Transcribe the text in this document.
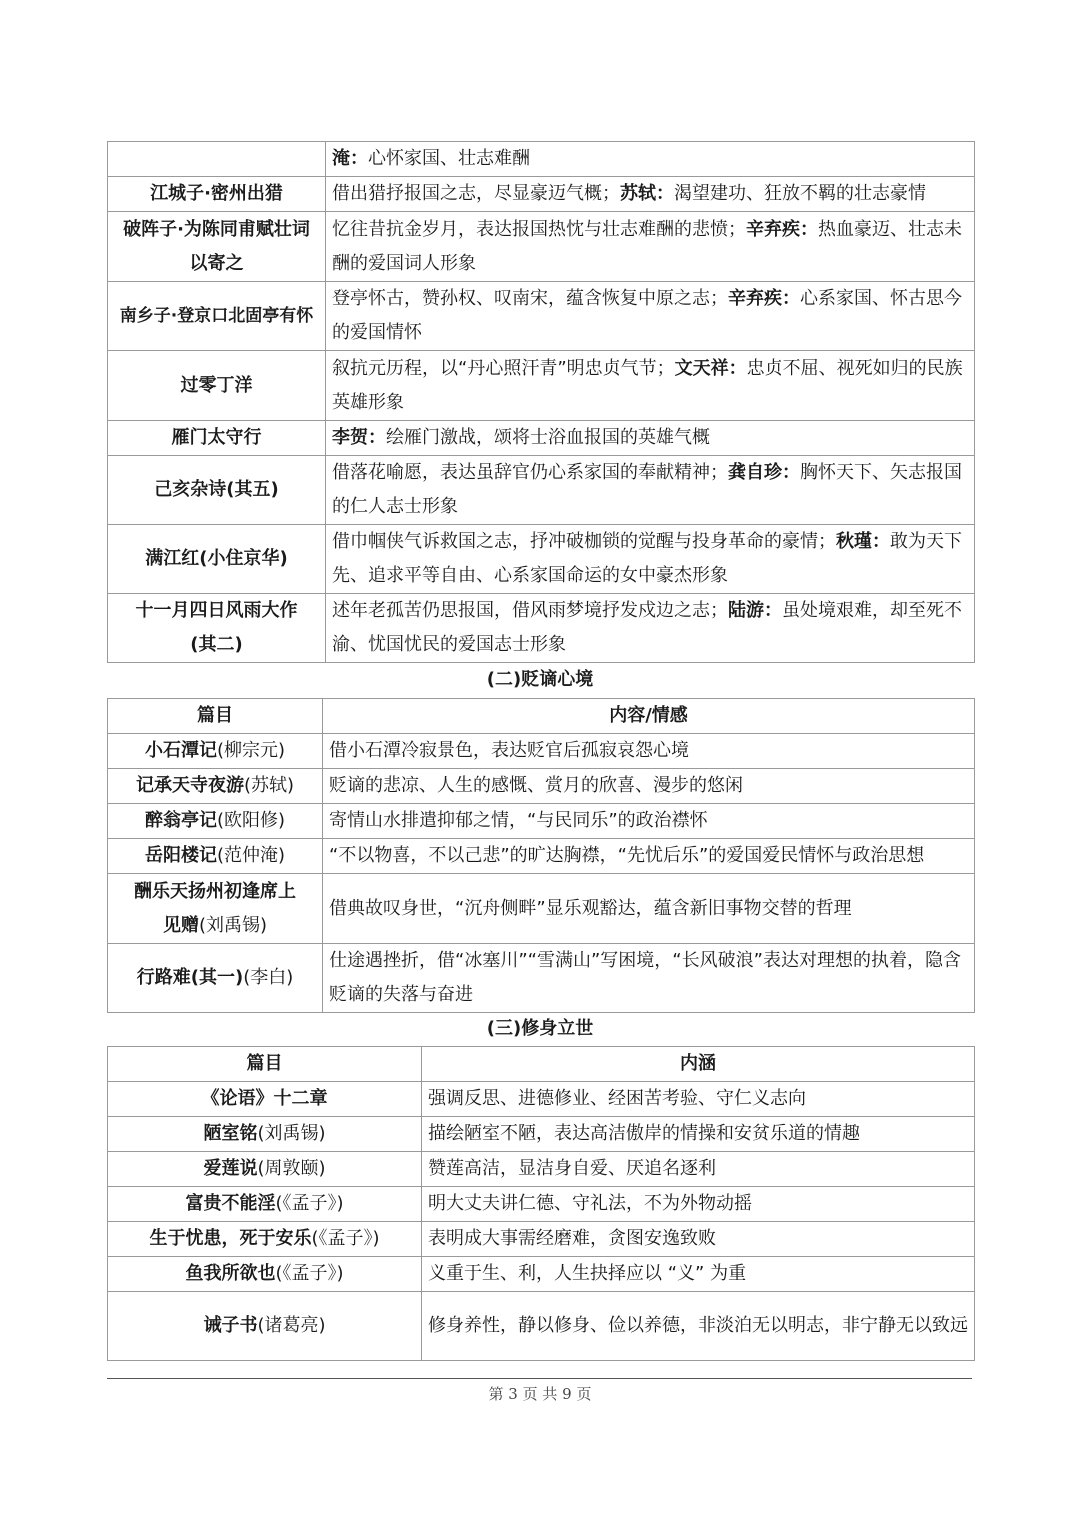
	淹：心怀家国、壮志难酬
江城子·密州出猎	借出猎抒报国之志，尽显豪迈气概；苏轼：渴望建功、狂放不羁的壮志豪情
破阵子·为陈同甫赋壮词以寄之	忆往昔抗金岁月，表达报国热忱与壮志难酬的悲愤；辛弃疾：热血豪迈、壮志未酬的爱国词人形象
南乡子·登京口北固亭有怀	登亭怀古，赞孙权、叹南宋，蕴含恢复中原之志；辛弃疾：心系家国、怀古思今的爱国情怀
过零丁洋	叙抗元历程，以“丹心照汗青”明忠贞气节；文天祥：忠贞不屈、视死如归的民族英雄形象
雁门太守行	李贺：绘雁门激战，颂将士浴血报国的英雄气概
己亥杂诗(其五)	借落花喻愿，表达虽辞官仍心系家国的奉献精神；龚自珍：胸怀天下、矢志报国的仁人志士形象
满江红(小住京华)	借巾帼侠气诉救国之志，抒冲破枷锁的觉醒与投身革命的豪情；秋瑾：敢为天下先、追求平等自由、心系家国命运的女中豪杰形象
十一月四日风雨大作(其二)	述年老孤苦仍思报国，借风雨梦境抒发戍边之志；陆游：虽处境艰难，却至死不渝、忧国忧民的爱国志士形象
(二)贬谪心境
篇目	内容/情感
小石潭记(柳宗元)	借小石潭冷寂景色，表达贬官后孤寂哀怨心境
记承天寺夜游(苏轼)	贬谪的悲凉、人生的感慨、赏月的欣喜、漫步的悠闲
醉翁亭记(欧阳修)	寄情山水排遣抑郁之情，“与民同乐”的政治襟怀
岳阳楼记(范仲淹)	“不以物喜，不以己悲”的旷达胸襟，“先忧后乐”的爱国爱民情怀与政治思想
酬乐天扬州初逢席上见赠(刘禹锡)	借典故叹身世，“沉舟侧畔”显乐观豁达，蕴含新旧事物交替的哲理
行路难(其一)(李白)	仕途遇挫折，借“冰塞川”“雪满山”写困境，“长风破浪”表达对理想的执着，隐含贬谪的失落与奋进
(三)修身立世
篇目	内涵
《论语》十二章	强调反思、进德修业、经困苦考验、守仁义志向
陋室铭(刘禹锡)	描绘陋室不陋，表达高洁傲岸的情操和安贫乐道的情趣
爱莲说(周敦颐)	赞莲高洁，显洁身自爱、厌追名逐利
富贵不能淫(《孟子》)	明大丈夫讲仁德、守礼法，不为外物动摇
生于忧患，死于安乐(《孟子》)	表明成大事需经磨难，贪图安逸致败
鱼我所欲也(《孟子》)	义重于生、利，人生抉择应以 “义” 为重
诫子书(诸葛亮)	修身养性，静以修身、俭以养德，非淡泊无以明志，非宁静无以致远
第 3 页 共 9 页
